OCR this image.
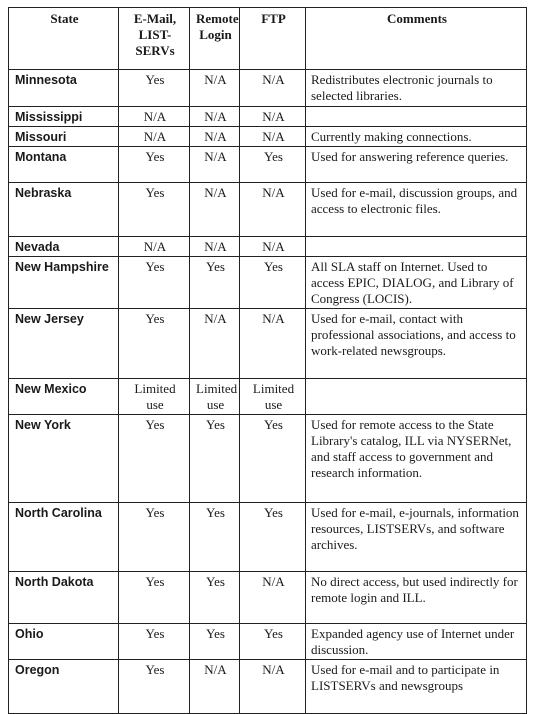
State	E-Mail, LIST-SERVs	Remote Login	FTP	Comments
Minnesota	Yes	N/A	N/A	Redistributes electronic journals to selected libraries.
Mississippi	N/A	N/A	N/A	
Missouri	N/A	N/A	N/A	Currently making connections.
Montana	Yes	N/A	Yes	Used for answering reference queries.
Nebraska	Yes	N/A	N/A	Used for e-mail, discussion groups, and access to electronic files.
Nevada	N/A	N/A	N/A	
New Hampshire	Yes	Yes	Yes	All SLA staff on Internet. Used to access EPIC, DIALOG, and Library of Congress (LOCIS).
New Jersey	Yes	N/A	N/A	Used for e-mail, contact with professional associations, and access to work-related newsgroups.
New Mexico	Limited use	Limited use	Limited use	
New York	Yes	Yes	Yes	Used for remote access to the State Library's catalog, ILL via NYSERNet, and staff access to government and research information.
North Carolina	Yes	Yes	Yes	Used for e-mail, e-journals, information resources, LISTSERVs, and software archives.
North Dakota	Yes	Yes	N/A	No direct access, but used indirectly for remote login and ILL.
Ohio	Yes	Yes	Yes	Expanded agency use of Internet under discussion.
Oregon	Yes	N/A	N/A	Used for e-mail and to participate in LISTSERVs and newsgroups
